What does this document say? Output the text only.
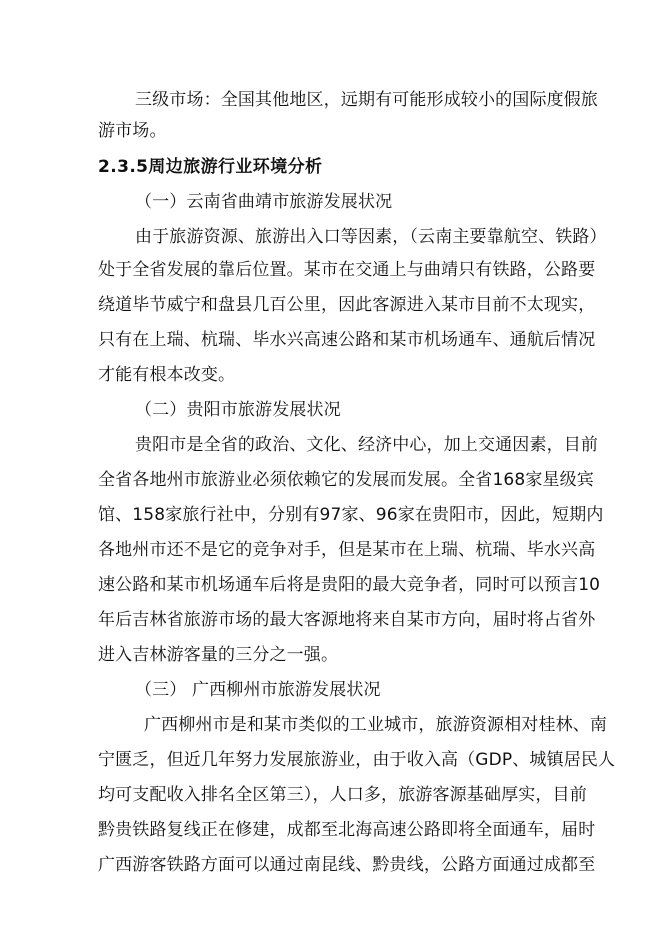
三级市场：全国其他地区，远期有可能形成较小的国际度假旅
游市场。
2.3.5周边旅游行业环境分析
（一）云南省曲靖市旅游发展状况
由于旅游资源、旅游出入口等因素，（云南主要靠航空、铁路）
处于全省发展的靠后位置。某市在交通上与曲靖只有铁路，公路要
绕道毕节威宁和盘县几百公里，因此客源进入某市目前不太现实，
只有在上瑞、杭瑞、毕水兴高速公路和某市机场通车、通航后情况
才能有根本改变。
（二）贵阳市旅游发展状况
贵阳市是全省的政治、文化、经济中心，加上交通因素，目前
全省各地州市旅游业必须依赖它的发展而发展。全省168家星级宾
馆、158家旅行社中，分别有97家、96家在贵阳市，因此，短期内
各地州市还不是它的竞争对手，但是某市在上瑞、杭瑞、毕水兴高
速公路和某市机场通车后将是贵阳的最大竞争者，同时可以预言10
年后吉林省旅游市场的最大客源地将来自某市方向，届时将占省外
进入吉林游客量的三分之一强。
（三） 广西柳州市旅游发展状况
广西柳州市是和某市类似的工业城市，旅游资源相对桂林、南
宁匮乏，但近几年努力发展旅游业，由于收入高（GDP、城镇居民人
均可支配收入排名全区第三），人口多，旅游客源基础厚实，目前
黔贵铁路复线正在修建，成都至北海高速公路即将全面通车，届时
广西游客铁路方面可以通过南昆线、黔贵线，公路方面通过成都至
